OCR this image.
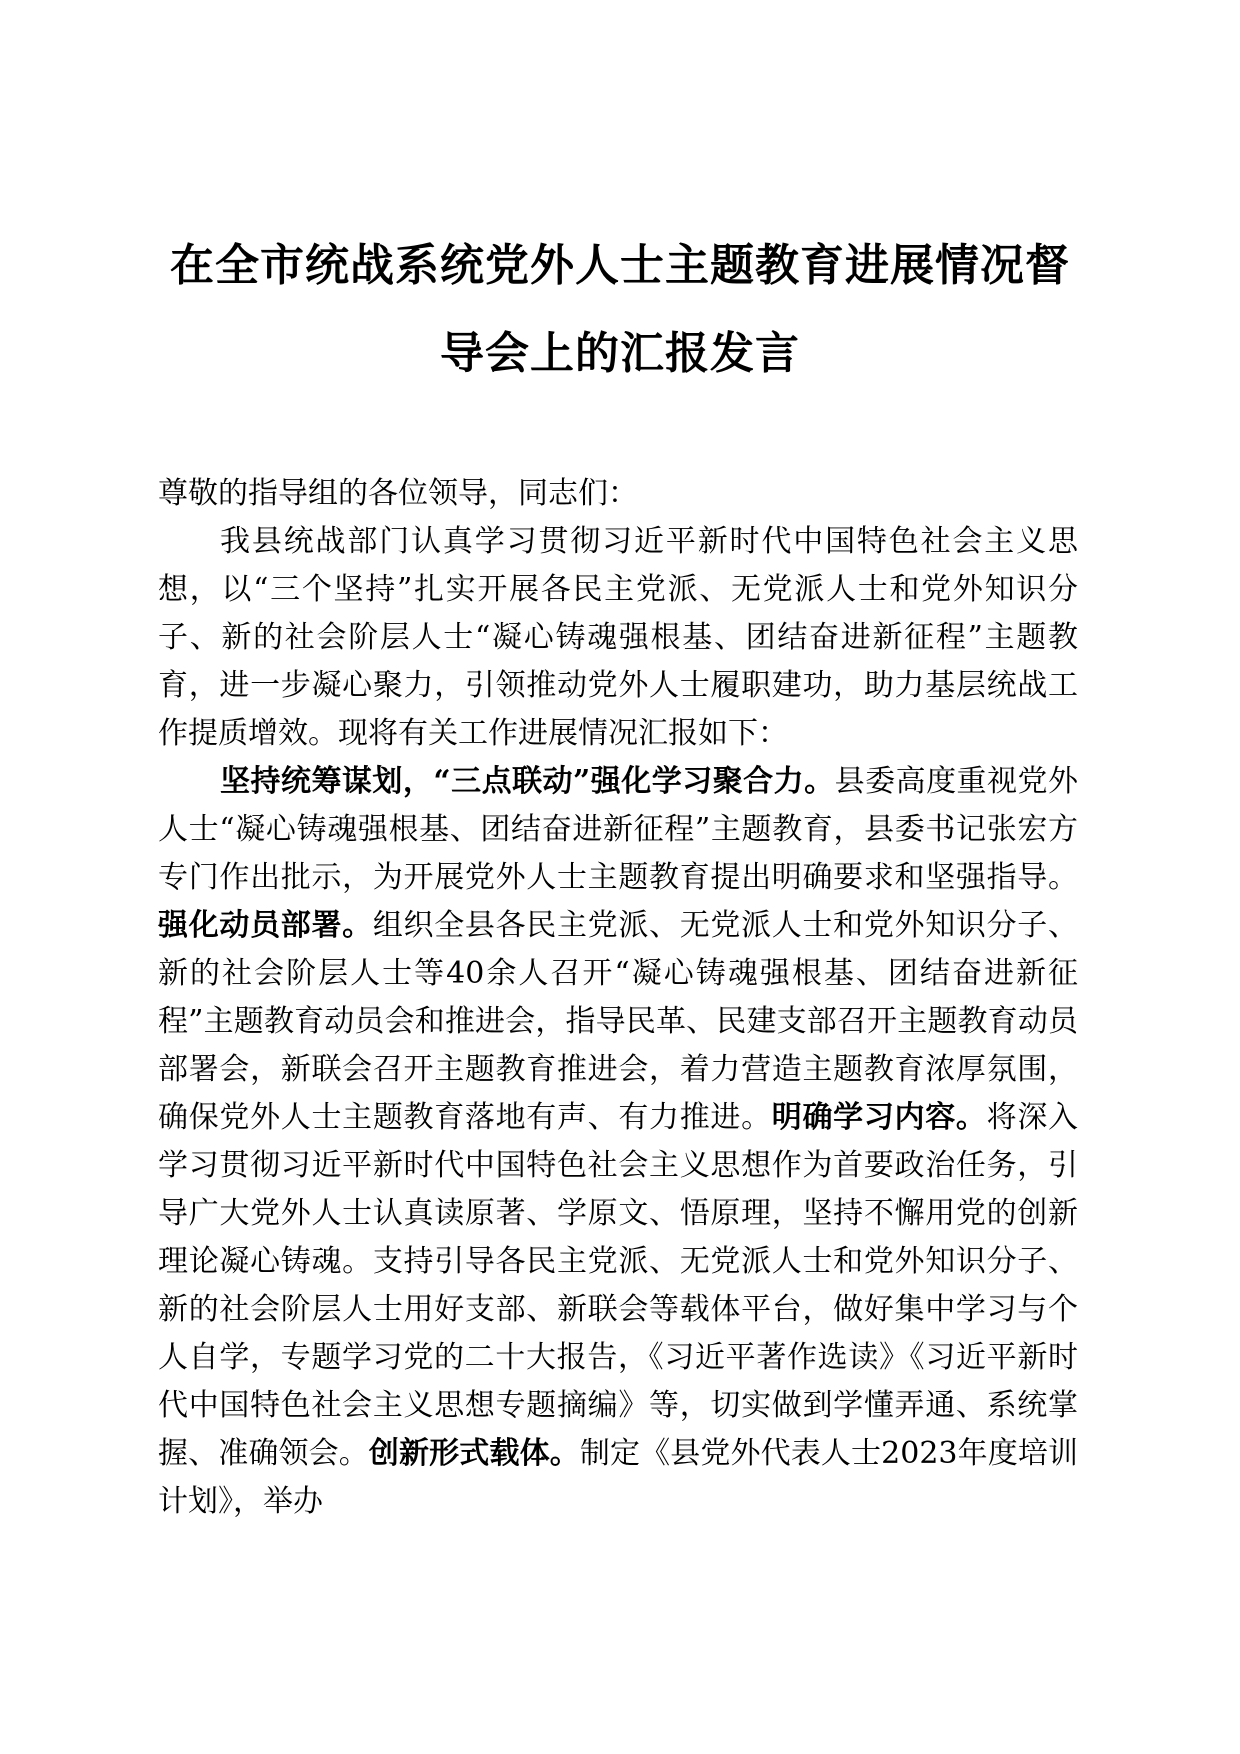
在全市统战系统党外人士主题教育进展情况督
导会上的汇报发言

尊敬的指导组的各位领导，同志们：

我县统战部门认真学习贯彻习近平新时代中国特色社会主义思想，以“三个坚持”扎实开展各民主党派、无党派人士和党外知识分子、新的社会阶层人士“凝心铸魂强根基、团结奋进新征程”主题教育，进一步凝心聚力，引领推动党外人士履职建功，助力基层统战工作提质增效。现将有关工作进展情况汇报如下：

坚持统筹谋划，“三点联动”强化学习聚合力。县委高度重视党外人士“凝心铸魂强根基、团结奋进新征程”主题教育，县委书记张宏方专门作出批示，为开展党外人士主题教育提出明确要求和坚强指导。强化动员部署。组织全县各民主党派、无党派人士和党外知识分子、新的社会阶层人士等40余人召开“凝心铸魂强根基、团结奋进新征程”主题教育动员会和推进会，指导民革、民建支部召开主题教育动员部署会，新联会召开主题教育推进会，着力营造主题教育浓厚氛围，确保党外人士主题教育落地有声、有力推进。明确学习内容。将深入学习贯彻习近平新时代中国特色社会主义思想作为首要政治任务，引导广大党外人士认真读原著、学原文、悟原理，坚持不懈用党的创新理论凝心铸魂。支持引导各民主党派、无党派人士和党外知识分子、新的社会阶层人士用好支部、新联会等载体平台，做好集中学习与个人自学，专题学习党的二十大报告，《习近平著作选读》《习近平新时代中国特色社会主义思想专题摘编》等，切实做到学懂弄通、系统掌握、准确领会。创新形式载体。制定《县党外代表人士2023年度培训计划》，举办
